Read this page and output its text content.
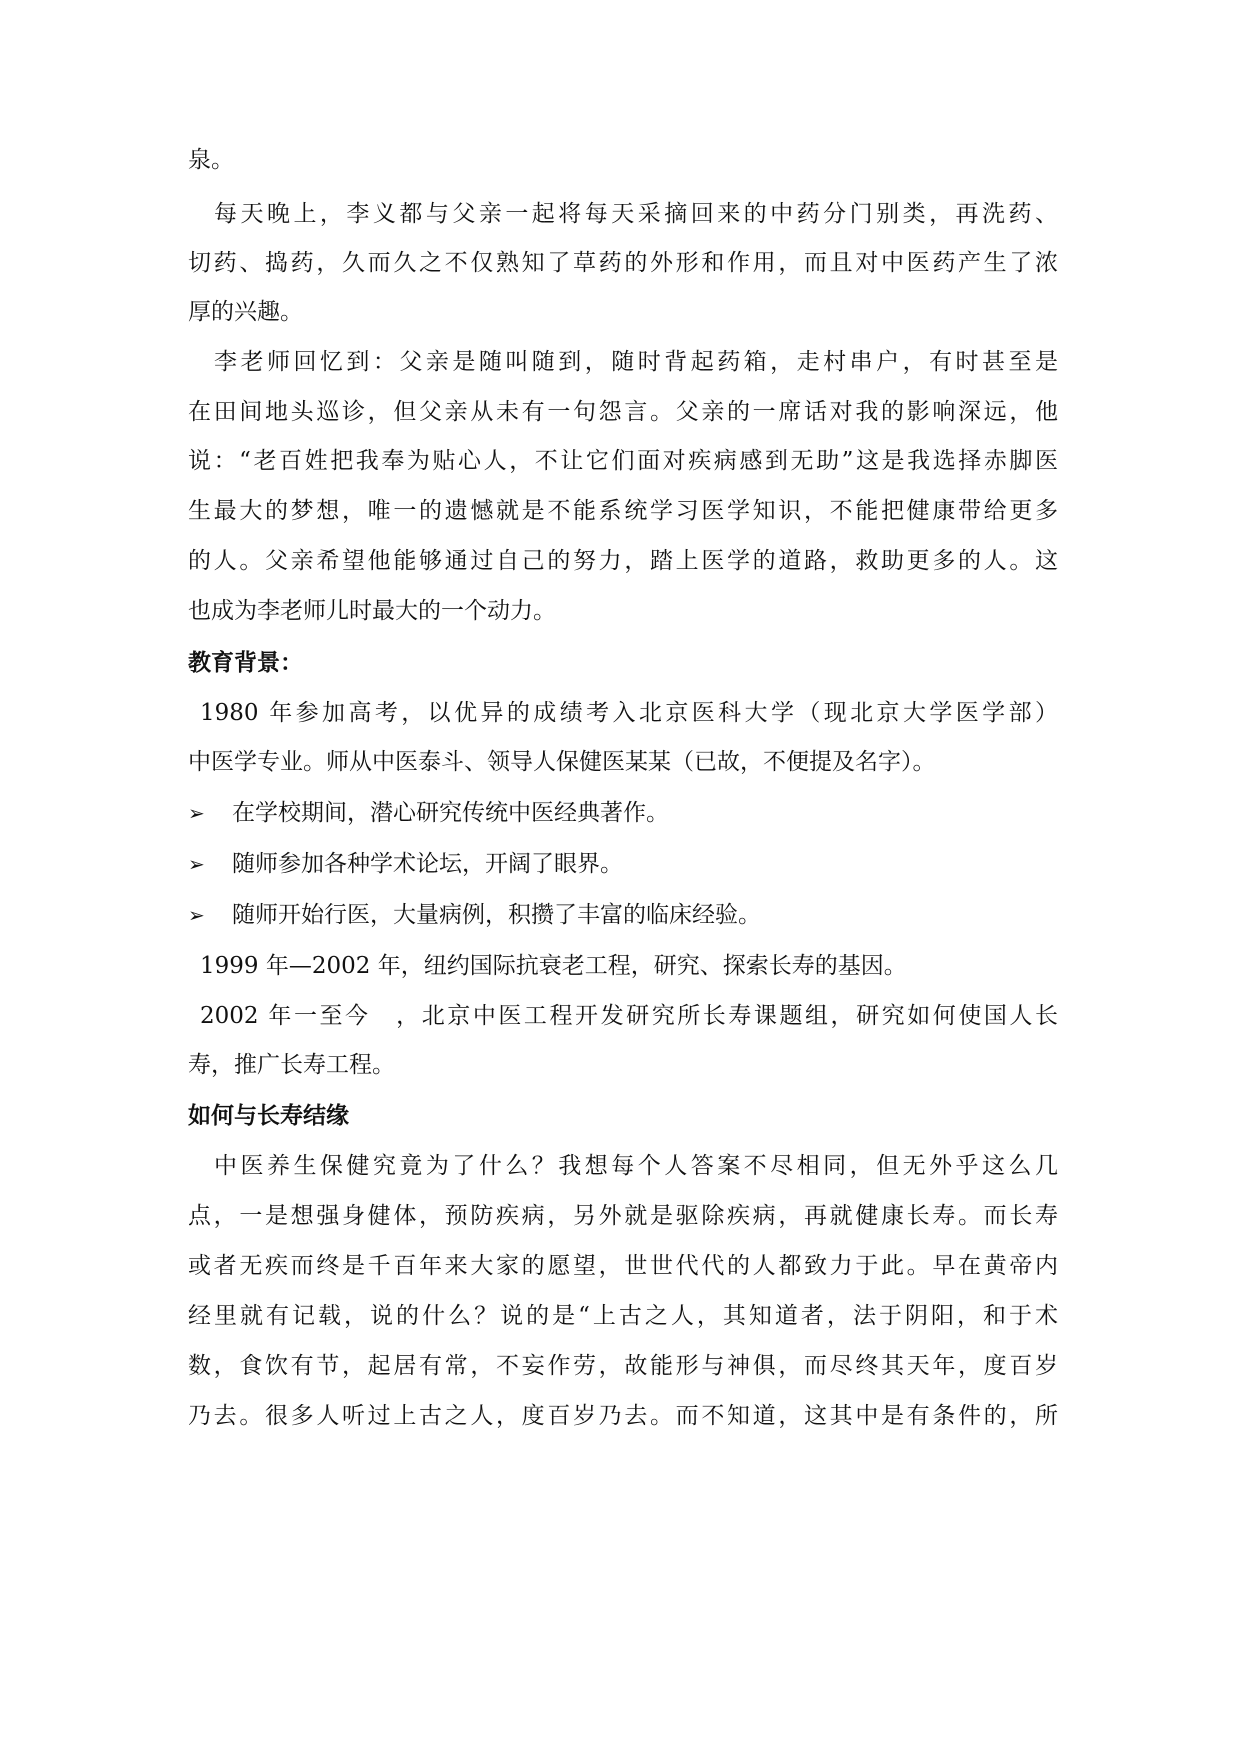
泉。
每天晚上，李义都与父亲一起将每天采摘回来的中药分门别类，再洗药、
切药、捣药，久而久之不仅熟知了草药的外形和作用，而且对中医药产生了浓
厚的兴趣。
李老师回忆到：父亲是随叫随到，随时背起药箱，走村串户，有时甚至是
在田间地头巡诊，但父亲从未有一句怨言。父亲的一席话对我的影响深远，他
说：“老百姓把我奉为贴心人，不让它们面对疾病感到无助”这是我选择赤脚医
生最大的梦想，唯一的遗憾就是不能系统学习医学知识，不能把健康带给更多
的人。父亲希望他能够通过自己的努力，踏上医学的道路，救助更多的人。这
也成为李老师儿时最大的一个动力。
教育背景：
1980 年参加高考，以优异的成绩考入北京医科大学（现北京大学医学部）
中医学专业。师从中医泰斗、领导人保健医某某（已故，不便提及名字）。
➢ 在学校期间，潜心研究传统中医经典著作。
➢ 随师参加各种学术论坛，开阔了眼界。
➢ 随师开始行医，大量病例，积攒了丰富的临床经验。
1999 年—2002 年，纽约国际抗衰老工程，研究、探索长寿的基因。
2002 年一至今　，北京中医工程开发研究所长寿课题组，研究如何使国人长
寿，推广长寿工程。
如何与长寿结缘
中医养生保健究竟为了什么？我想每个人答案不尽相同，但无外乎这么几
点，一是想强身健体，预防疾病，另外就是驱除疾病，再就健康长寿。而长寿
或者无疾而终是千百年来大家的愿望，世世代代的人都致力于此。早在黄帝内
经里就有记载，说的什么？说的是“上古之人，其知道者，法于阴阳，和于术
数，食饮有节，起居有常，不妄作劳，故能形与神俱，而尽终其天年，度百岁
乃去。很多人听过上古之人，度百岁乃去。而不知道，这其中是有条件的，所
